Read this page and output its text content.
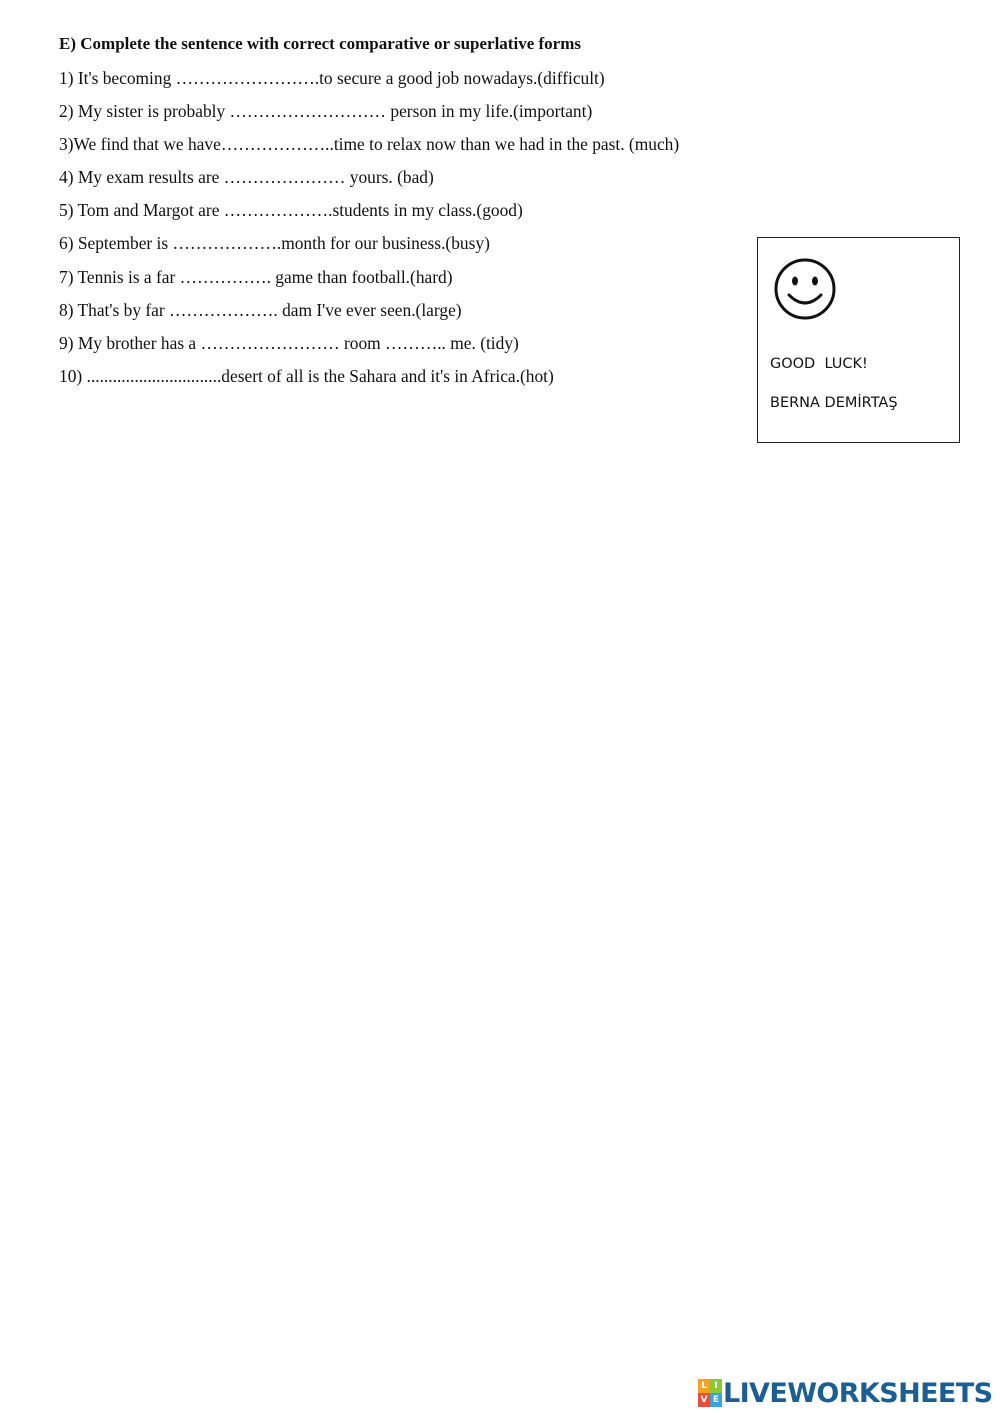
E) Complete the sentence with correct comparative or superlative forms
1) It's becoming …………………….to secure a good job nowadays.(difficult)
2) My sister is probably ……………………… person in my life.(important)
3)We find that we have………………..time to relax now than we had in the past. (much)
4) My exam results are ………………… yours. (bad)
5) Tom and Margot are ……………….students in my class.(good)
6) September is ……………….month for our business.(busy)
7) Tennis is a far ……………. game than football.(hard)
8) That's by far ………………. dam I've ever seen.(large)
9) My brother has a …………………… room ……….. me. (tidy)
10) ...............................desert of all is the Sahara and it's in Africa.(hot)
GOOD  LUCK!
BERNA DEMİRTAŞ
L I
V E LIVEWORKSHEETS
